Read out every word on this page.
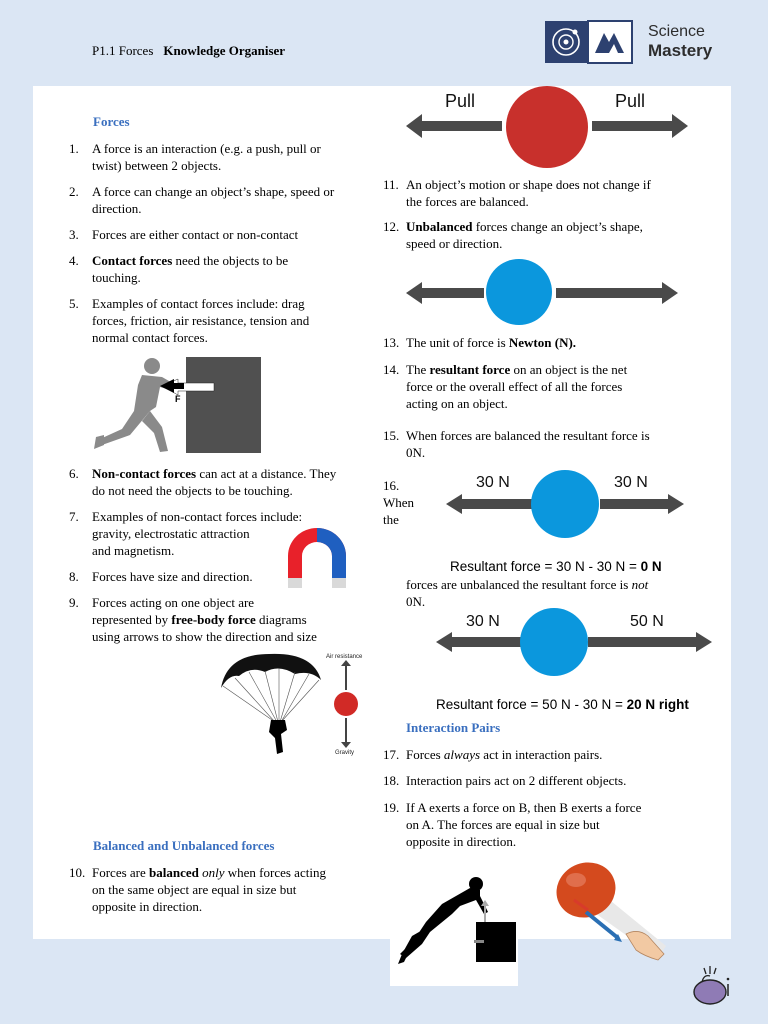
P1.1 Forces Knowledge Organiser
Science
Mastery
Forces
1. A force is an interaction (e.g. a push, pull or
twist) between 2 objects.
2. A force can change an object’s shape, speed or
direction.
3. Forces are either contact or non-contact
4. Contact forces need the objects to be
touching.
5. Examples of contact forces include: drag
forces, friction, air resistance, tension and
normal contact forces.
F
6. Non-contact forces can act at a distance. They
do not need the objects to be touching.
7. Examples of non-contact forces include:
gravity, electrostatic attraction
and magnetism.
8. Forces have size and direction.
9. Forces acting on one object are
represented by free-body force diagrams
using arrows to show the direction and size
Air resistance
Gravity
Balanced and Unbalanced forces
10. Forces are balanced only when forces acting
on the same object are equal in size but
opposite in direction.
Pull	Pull
11. An object’s motion or shape does not change if
the forces are balanced.
12. Unbalanced forces change an object’s shape,
speed or direction.
13. The unit of force is Newton (N).
14. The resultant force on an object is the net
force or the overall effect of all the forces
acting on an object.
15. When forces are balanced the resultant force is
0N.
16.
When
the
forces are unbalanced the resultant force is not
0N.
30 N	30 N
Resultant force = 30 N - 30 N = 0 N
30 N	50 N
Resultant force = 50 N - 30 N = 20 N right
Interaction Pairs
17. Forces always act in interaction pairs.
18. Interaction pairs act on 2 different objects.
19. If A exerts a force on B, then B exerts a force
on A. The forces are equal in size but
opposite in direction.
